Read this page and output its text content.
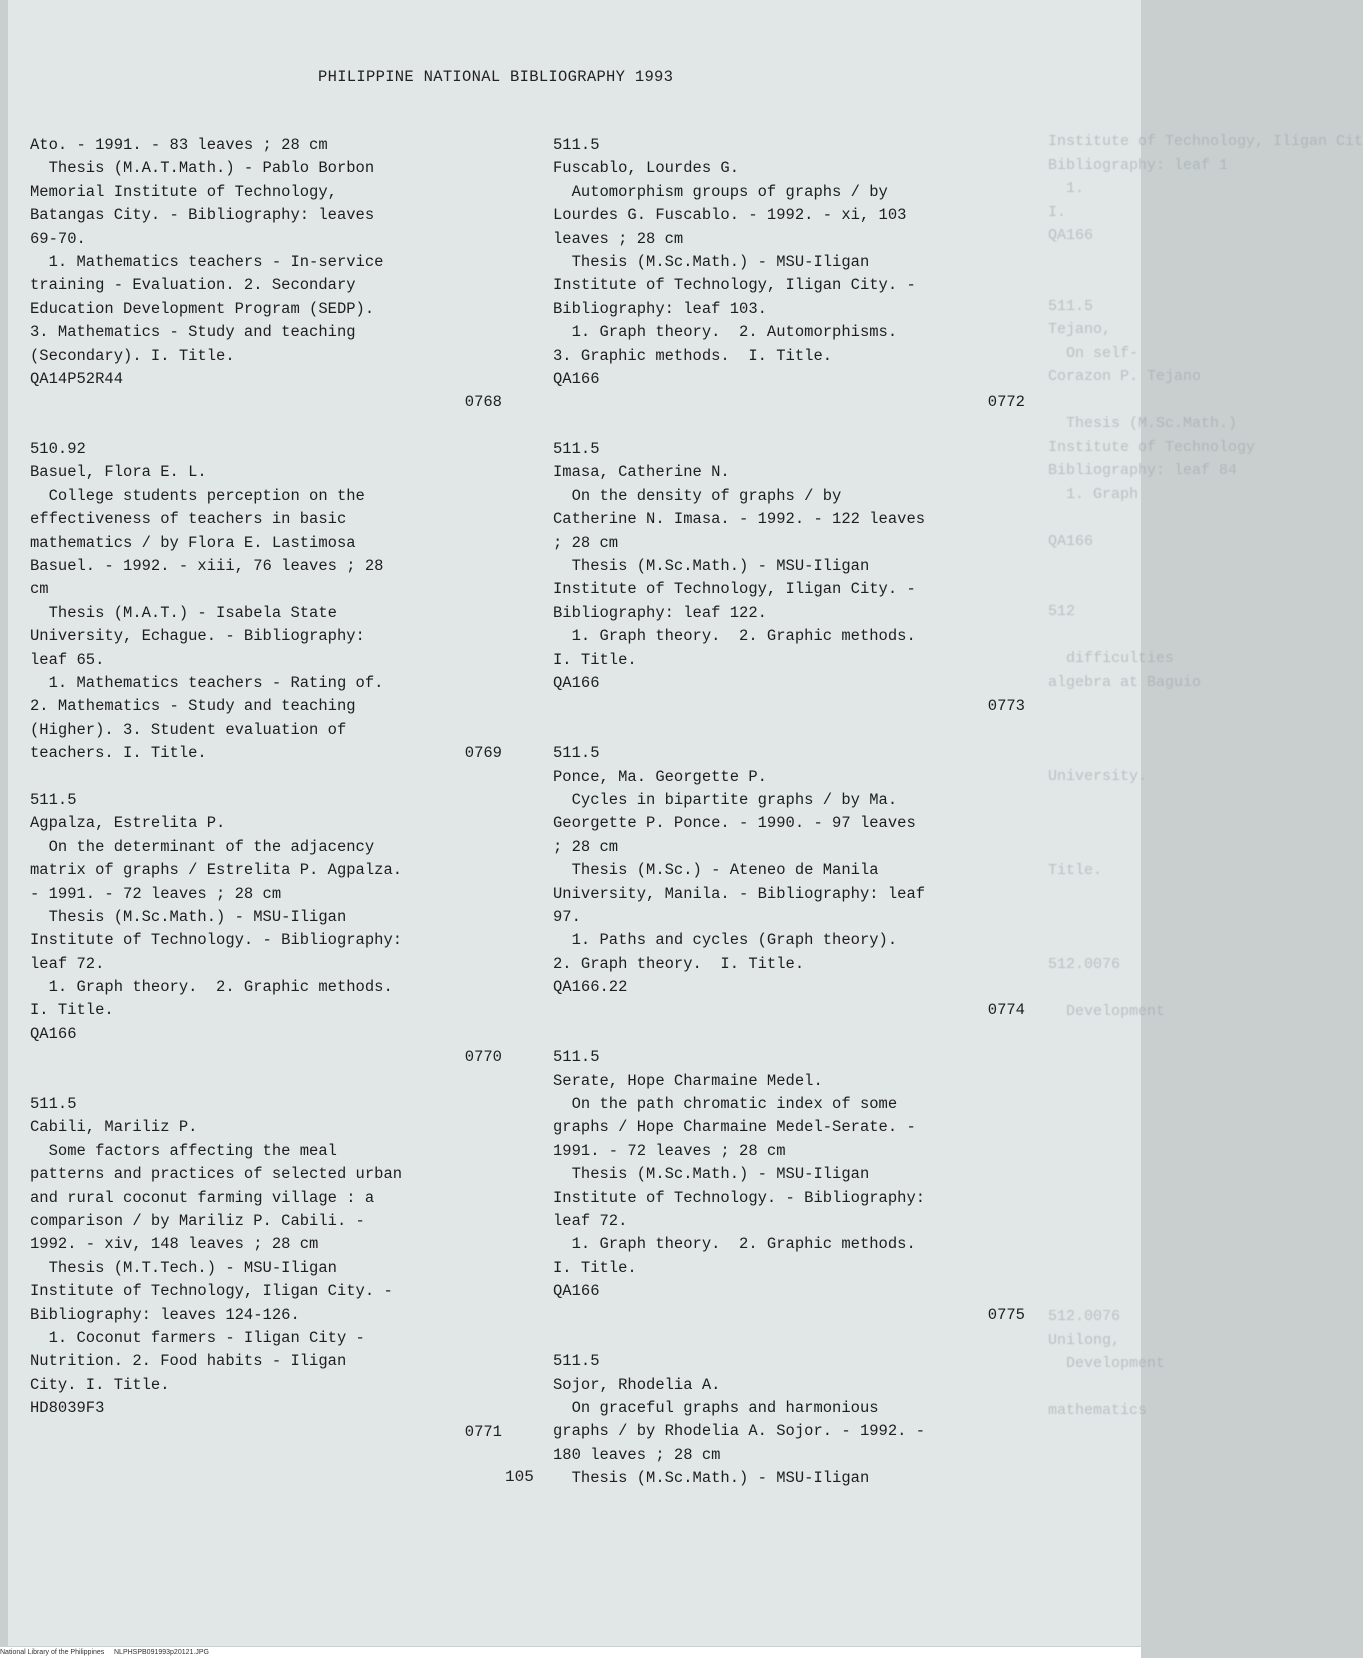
Institute of Technology, Iligan Cit
Bibliography: leaf 1
1.
I.
QA166

511.5
Tejano,
On self-
Corazon P. Tejano

Thesis (M.Sc.Math.)
Institute of Technology
Bibliography: leaf 84
1. Graph

QA166

512

difficulties
algebra at Baguio

University.

Title.

512.0076

Development

512.0076
Unilong,
Development

mathematics
PHILIPPINE NATIONAL BIBLIOGRAPHY 1993
Ato. - 1991. - 83 leaves ; 28 cm
Thesis (M.A.T.Math.) - Pablo Borbon
Memorial Institute of Technology,
Batangas City. - Bibliography: leaves
69-70.
1. Mathematics teachers - In-service
training - Evaluation. 2. Secondary
Education Development Program (SEDP).
3. Mathematics - Study and teaching
(Secondary). I. Title.
QA14P52R44
0768
510.92
Basuel, Flora E. L.
College students perception on the
effectiveness of teachers in basic
mathematics / by Flora E. Lastimosa
Basuel. - 1992. - xiii, 76 leaves ; 28
cm
Thesis (M.A.T.) - Isabela State
University, Echague. - Bibliography:
leaf 65.
1. Mathematics teachers - Rating of.
2. Mathematics - Study and teaching
(Higher). 3. Student evaluation of
teachers. I. Title.	0769
511.5
Agpalza, Estrelita P.
On the determinant of the adjacency
matrix of graphs / Estrelita P. Agpalza.
- 1991. - 72 leaves ; 28 cm
Thesis (M.Sc.Math.) - MSU-Iligan
Institute of Technology. - Bibliography:
leaf 72.
1. Graph theory.  2. Graphic methods.
I. Title.
QA166
0770
511.5
Cabili, Mariliz P.
Some factors affecting the meal
patterns and practices of selected urban
and rural coconut farming village : a
comparison / by Mariliz P. Cabili. -
1992. - xiv, 148 leaves ; 28 cm
Thesis (M.T.Tech.) - MSU-Iligan
Institute of Technology, Iligan City. -
Bibliography: leaves 124-126.
1. Coconut farmers - Iligan City -
Nutrition. 2. Food habits - Iligan
City. I. Title.
HD8039F3
0771
511.5
Fuscablo, Lourdes G.
Automorphism groups of graphs / by
Lourdes G. Fuscablo. - 1992. - xi, 103
leaves ; 28 cm
Thesis (M.Sc.Math.) - MSU-Iligan
Institute of Technology, Iligan City. -
Bibliography: leaf 103.
1. Graph theory.  2. Automorphisms.
3. Graphic methods.  I. Title.
QA166
0772
511.5
Imasa, Catherine N.
On the density of graphs / by
Catherine N. Imasa. - 1992. - 122 leaves
; 28 cm
Thesis (M.Sc.Math.) - MSU-Iligan
Institute of Technology, Iligan City. -
Bibliography: leaf 122.
1. Graph theory.  2. Graphic methods.
I. Title.
QA166
0773
511.5
Ponce, Ma. Georgette P.
Cycles in bipartite graphs / by Ma.
Georgette P. Ponce. - 1990. - 97 leaves
; 28 cm
Thesis (M.Sc.) - Ateneo de Manila
University, Manila. - Bibliography: leaf
97.
1. Paths and cycles (Graph theory).
2. Graph theory.  I. Title.
QA166.22
0774
511.5
Serate, Hope Charmaine Medel.
On the path chromatic index of some
graphs / Hope Charmaine Medel-Serate. -
1991. - 72 leaves ; 28 cm
Thesis (M.Sc.Math.) - MSU-Iligan
Institute of Technology. - Bibliography:
leaf 72.
1. Graph theory.  2. Graphic methods.
I. Title.
QA166
0775
511.5
Sojor, Rhodelia A.
On graceful graphs and harmonious
graphs / by Rhodelia A. Sojor. - 1992. -
180 leaves ; 28 cm
Thesis (M.Sc.Math.) - MSU-Iligan
105
National Library of the Philippines     NLPHSPB091993p20121.JPG
